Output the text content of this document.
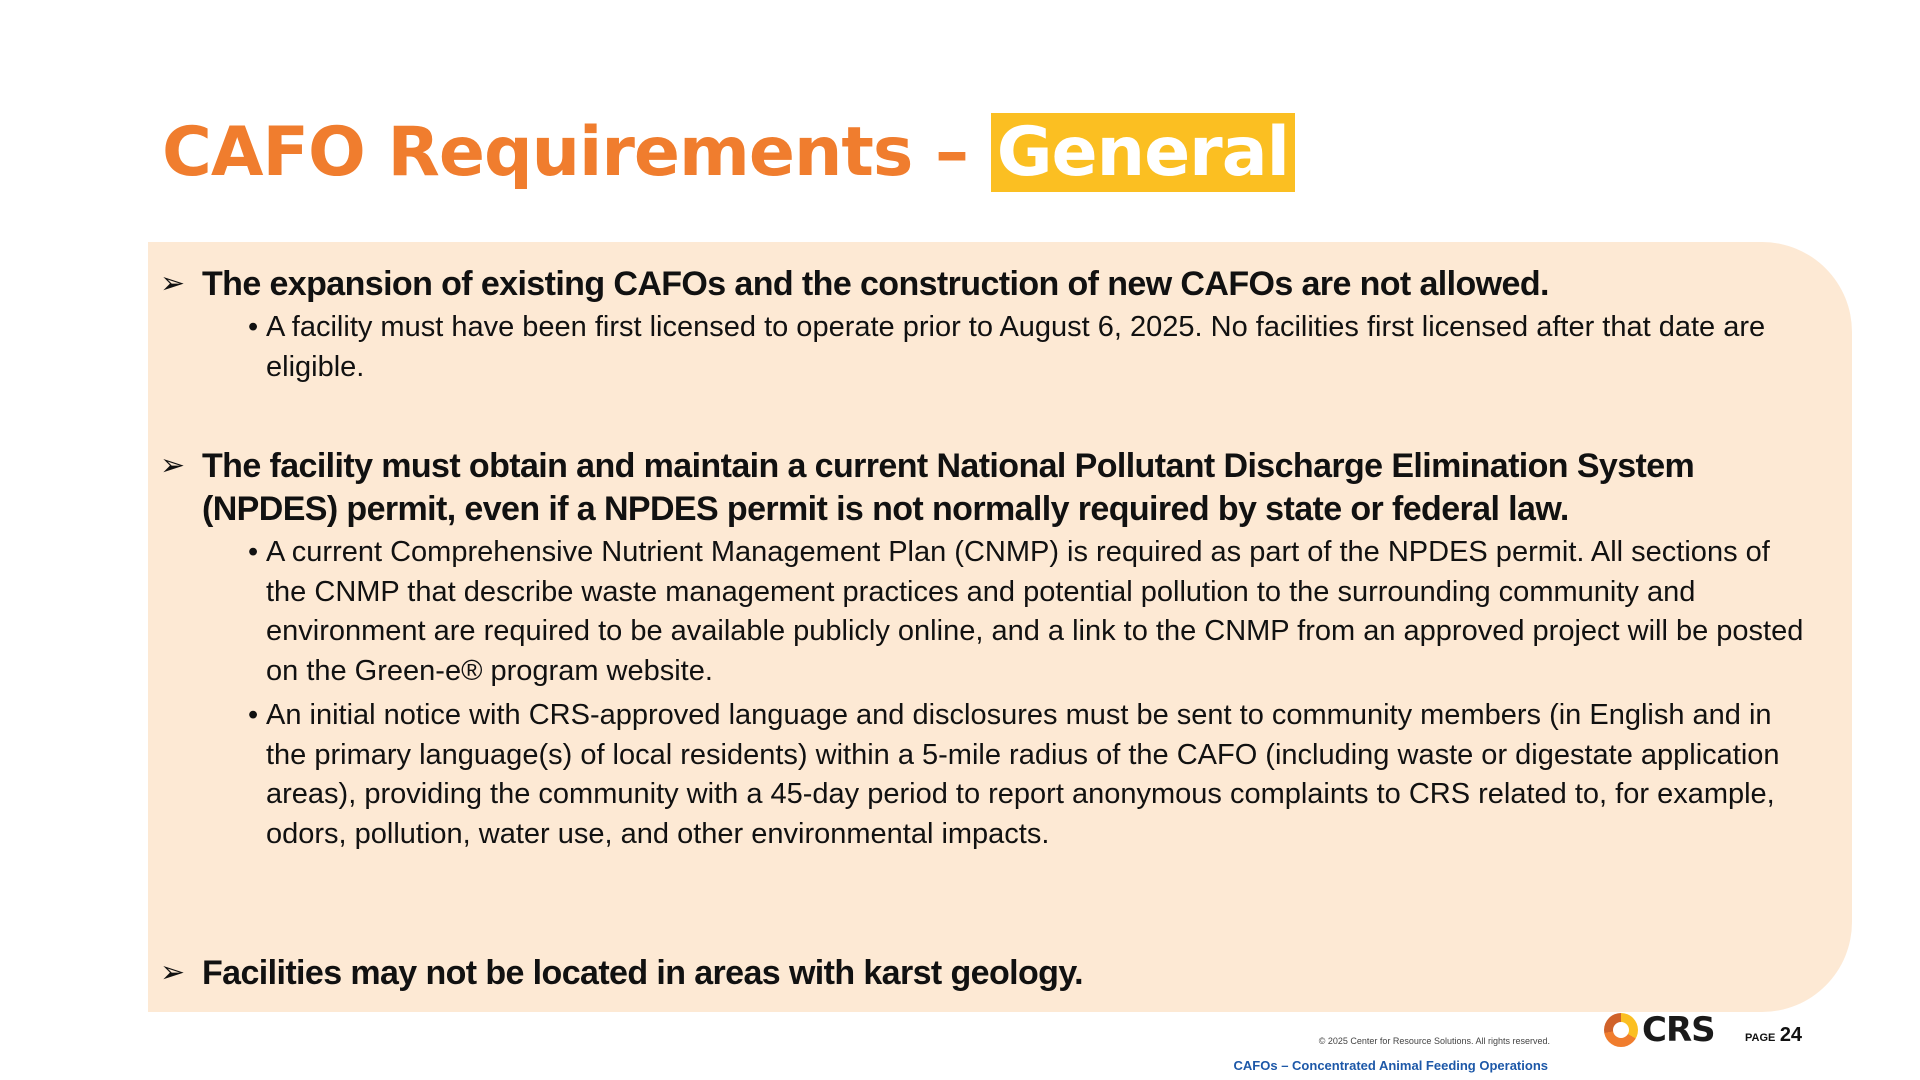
CAFO Requirements – General
➢ The expansion of existing CAFOs and the construction of new CAFOs are not allowed.
• A facility must have been first licensed to operate prior to August 6, 2025. No facilities first licensed after that date are eligible.
➢ The facility must obtain and maintain a current National Pollutant Discharge Elimination System (NPDES) permit, even if a NPDES permit is not normally required by state or federal law.
• A current Comprehensive Nutrient Management Plan (CNMP) is required as part of the NPDES permit. All sections of the CNMP that describe waste management practices and potential pollution to the surrounding community and environment are required to be available publicly online, and a link to the CNMP from an approved project will be posted on the Green-e® program website.
• An initial notice with CRS-approved language and disclosures must be sent to community members (in English and in the primary language(s) of local residents) within a 5-mile radius of the CAFO (including waste or digestate application areas), providing the community with a 45-day period to report anonymous complaints to CRS related to, for example, odors, pollution, water use, and other environmental impacts.
➢ Facilities may not be located in areas with karst geology.
© 2025 Center for Resource Solutions. All rights reserved.
CAFOs – Concentrated Animal Feeding Operations
CRS	PAGE 24
